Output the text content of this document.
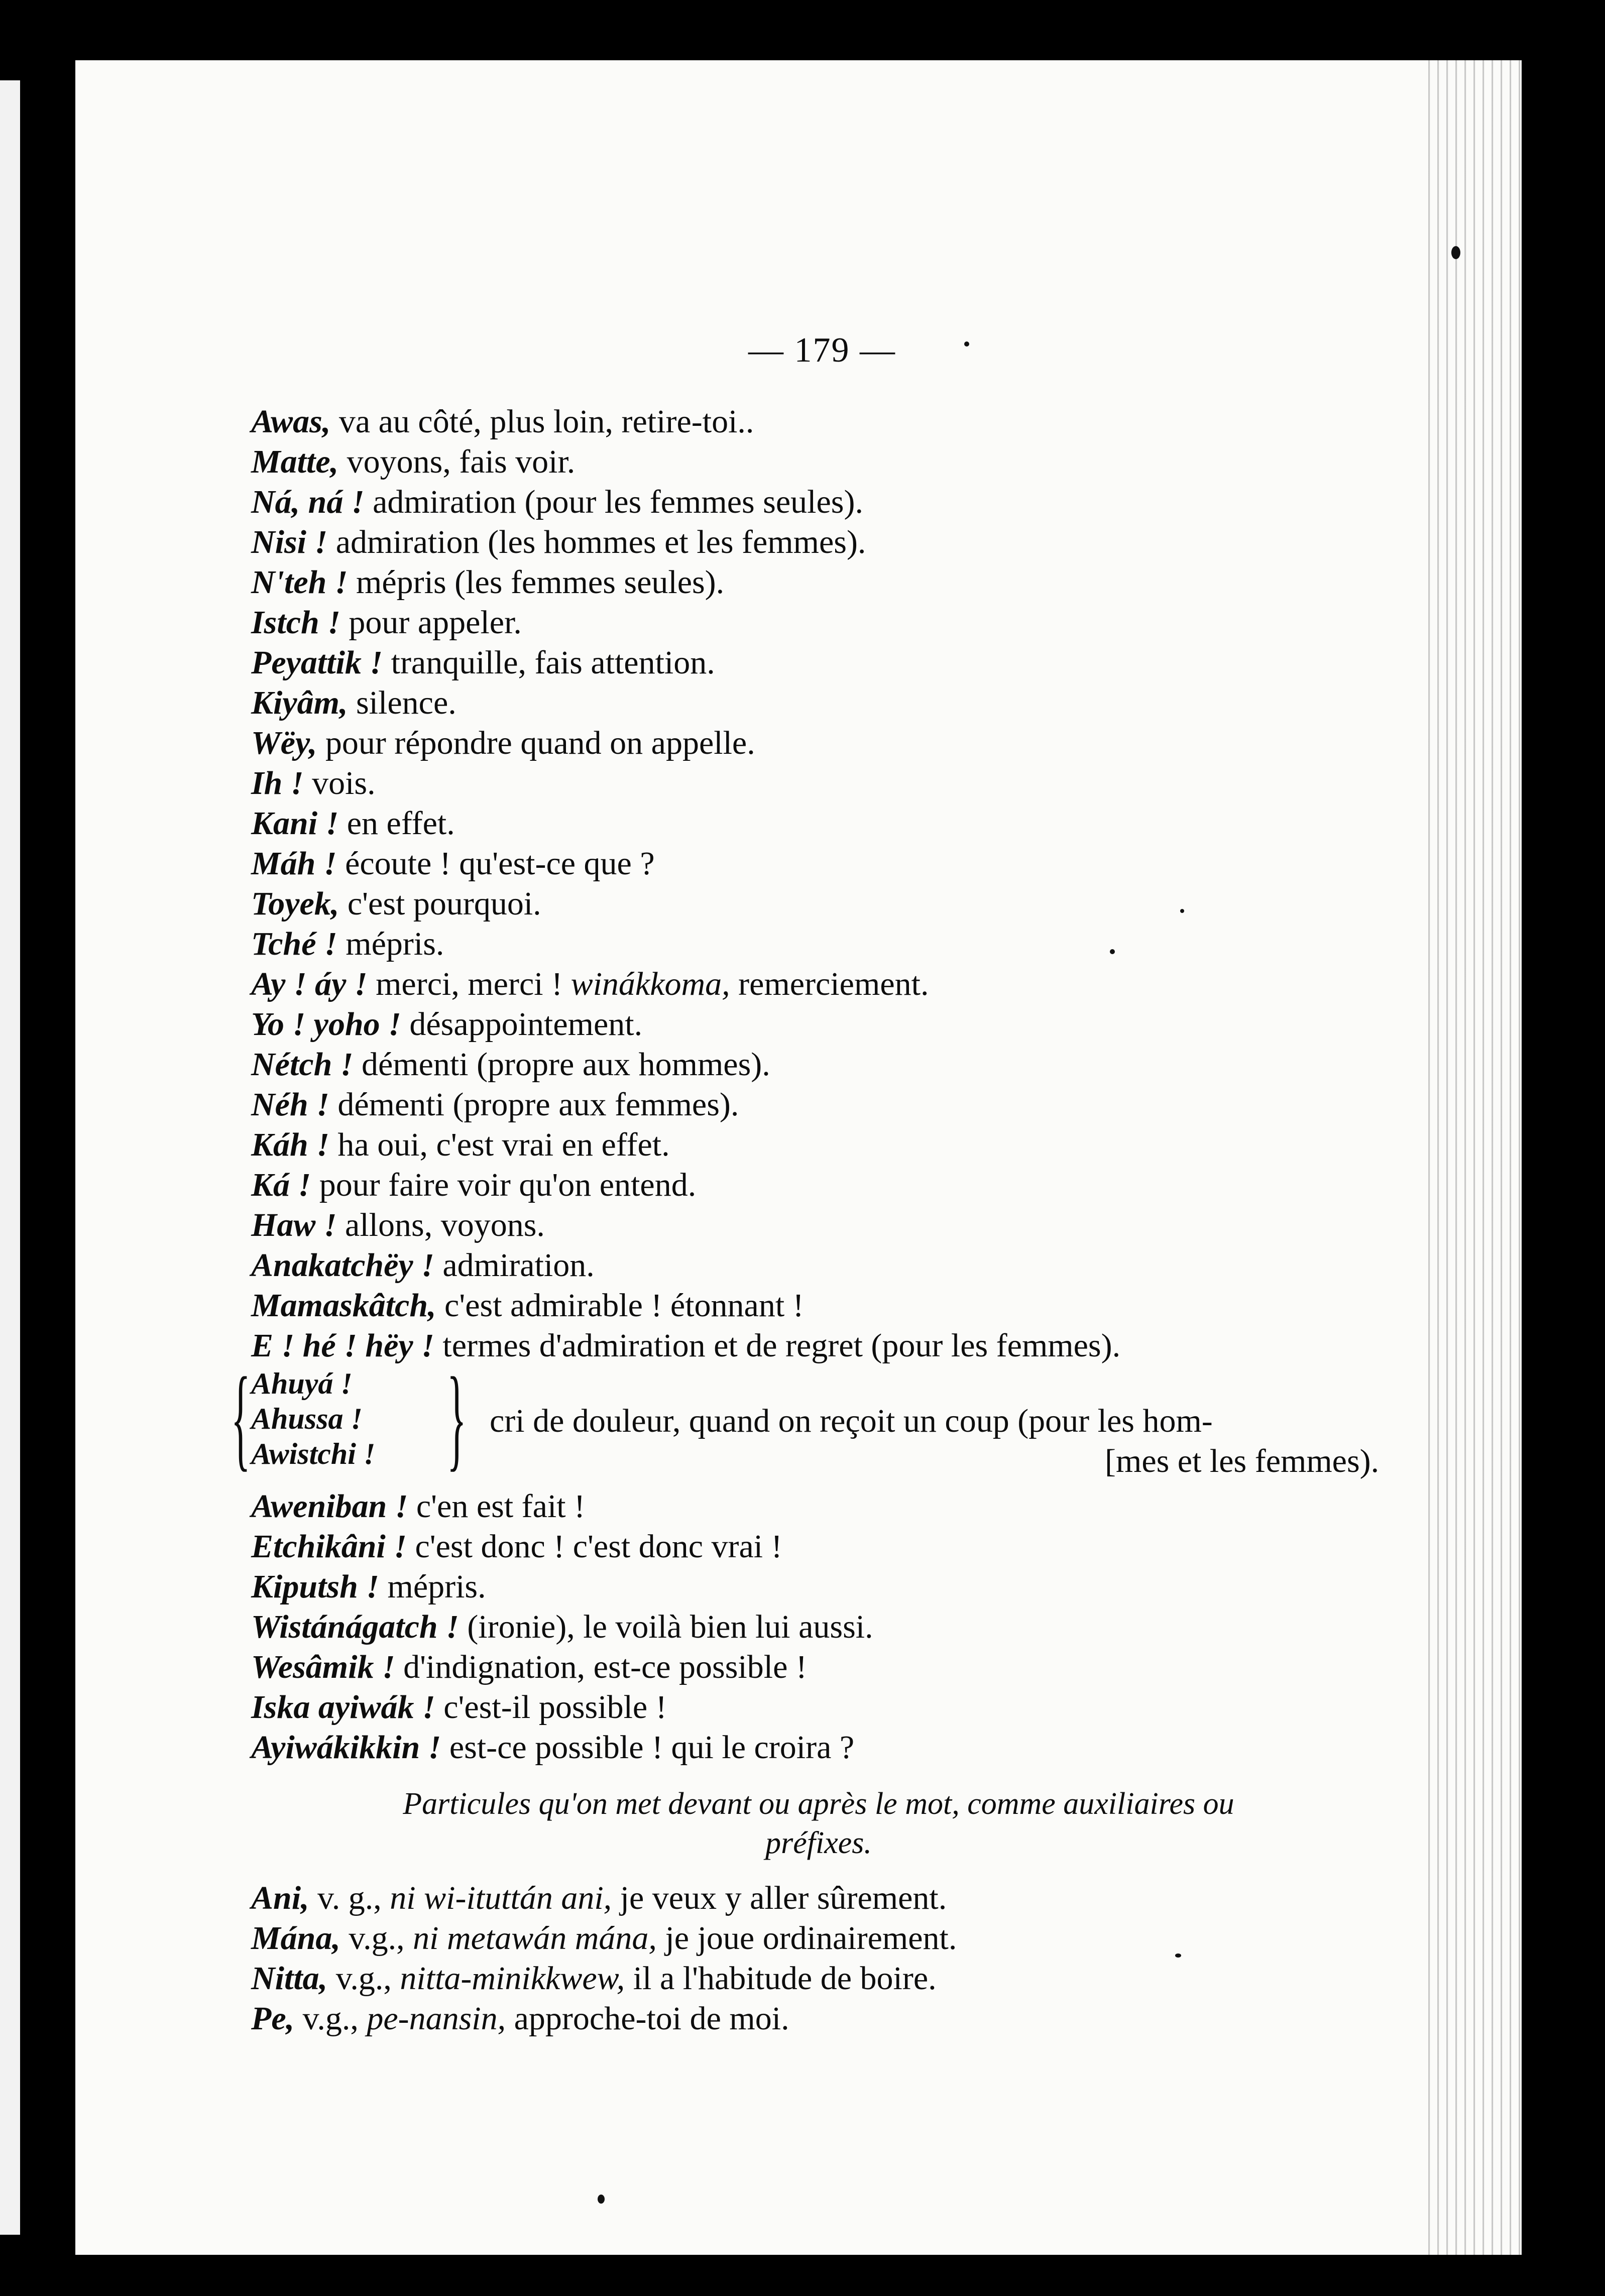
— 179 —
Awas, va au côté, plus loin, retire-toi..
Matte, voyons, fais voir.
Ná, ná ! admiration (pour les femmes seules).
Nisi ! admiration (les hommes et les femmes).
N'teh ! mépris (les femmes seules).
Istch ! pour appeler.
Peyattik ! tranquille, fais attention.
Kiyâm, silence.
Wëy, pour répondre quand on appelle.
Ih ! vois.
Kani ! en effet.
Máh ! écoute ! qu'est-ce que ?
Toyek, c'est pourquoi.
Tché ! mépris.
Ay ! áy ! merci, merci ! winákkoma, remerciement.
Yo ! yoho ! désappointement.
Nétch ! démenti (propre aux hommes).
Néh ! démenti (propre aux femmes).
Káh ! ha oui, c'est vrai en effet.
Ká ! pour faire voir qu'on entend.
Haw ! allons, voyons.
Anakatchëy ! admiration.
Mamaskâtch, c'est admirable ! étonnant !
E ! hé ! hëy ! termes d'admiration et de regret (pour les femmes).
{ Ahuyá !
Ahussa !
Awistchi ! } cri de douleur, quand on reçoit un coup (pour les hom-
[mes et les femmes).
Aweniban ! c'en est fait !
Etchikâni ! c'est donc ! c'est donc vrai !
Kiputsh ! mépris.
Wistánágatch ! (ironie), le voilà bien lui aussi.
Wesâmik ! d'indignation, est-ce possible !
Iska ayiwák ! c'est-il possible !
Ayiwákikkin ! est-ce possible ! qui le croira ?
Particules qu'on met devant ou après le mot, comme auxiliaires ou
préfixes.
Ani, v. g., ni wi-ituttán ani, je veux y aller sûrement.
Mána, v.g., ni metawán mána, je joue ordinairement.
Nitta, v.g., nitta-minikkwew, il a l'habitude de boire.
Pe, v.g., pe-nansin, approche-toi de moi.
